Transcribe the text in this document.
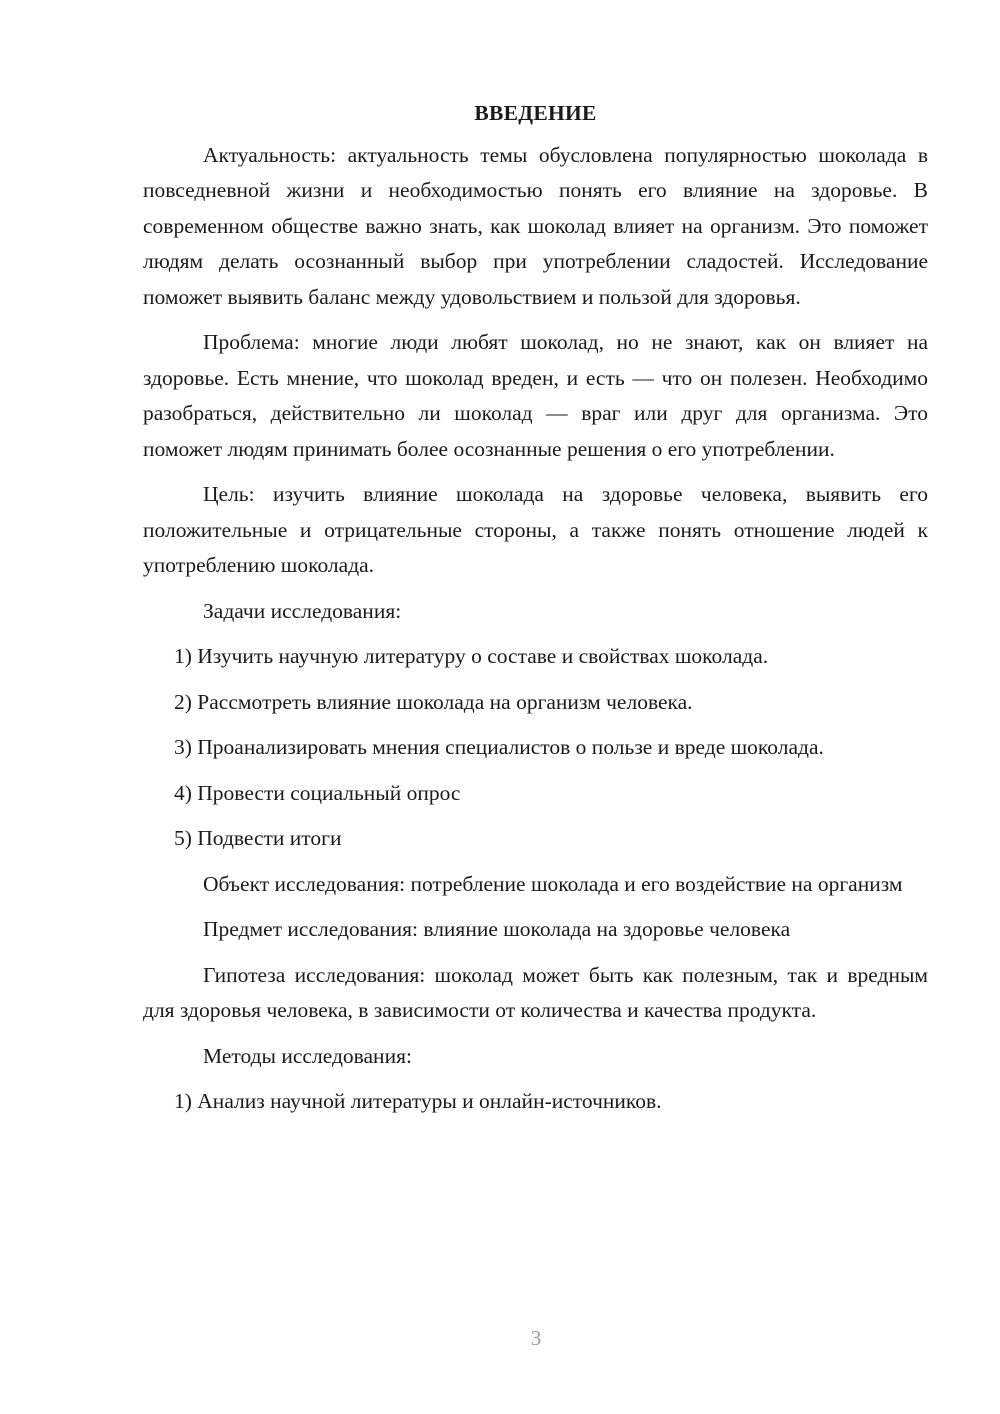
ВВЕДЕНИЕ

Актуальность: актуальность темы обусловлена популярностью шоколада в повседневной жизни и необходимостью понять его влияние на здоровье. В современном обществе важно знать, как шоколад влияет на организм. Это поможет людям делать осознанный выбор при употреблении сладостей. Исследование поможет выявить баланс между удовольствием и пользой для здоровья.

Проблема: многие люди любят шоколад, но не знают, как он влияет на здоровье. Есть мнение, что шоколад вреден, и есть — что он полезен. Необходимо разобраться, действительно ли шоколад — враг или друг для организма. Это поможет людям принимать более осознанные решения о его употреблении.

Цель: изучить влияние шоколада на здоровье человека, выявить его положительные и отрицательные стороны, а также понять отношение людей к употреблению шоколада.

Задачи исследования:

1) Изучить научную литературу о составе и свойствах шоколада.

2) Рассмотреть влияние шоколада на организм человека.

3) Проанализировать мнения специалистов о пользе и вреде шоколада.

4) Провести социальный опрос

5) Подвести итоги

Объект исследования: потребление шоколада и его воздействие на организм

Предмет исследования: влияние шоколада на здоровье человека

Гипотеза исследования: шоколад может быть как полезным, так и вредным для здоровья человека, в зависимости от количества и качества продукта.

Методы исследования:

1) Анализ научной литературы и онлайн-источников.

3
